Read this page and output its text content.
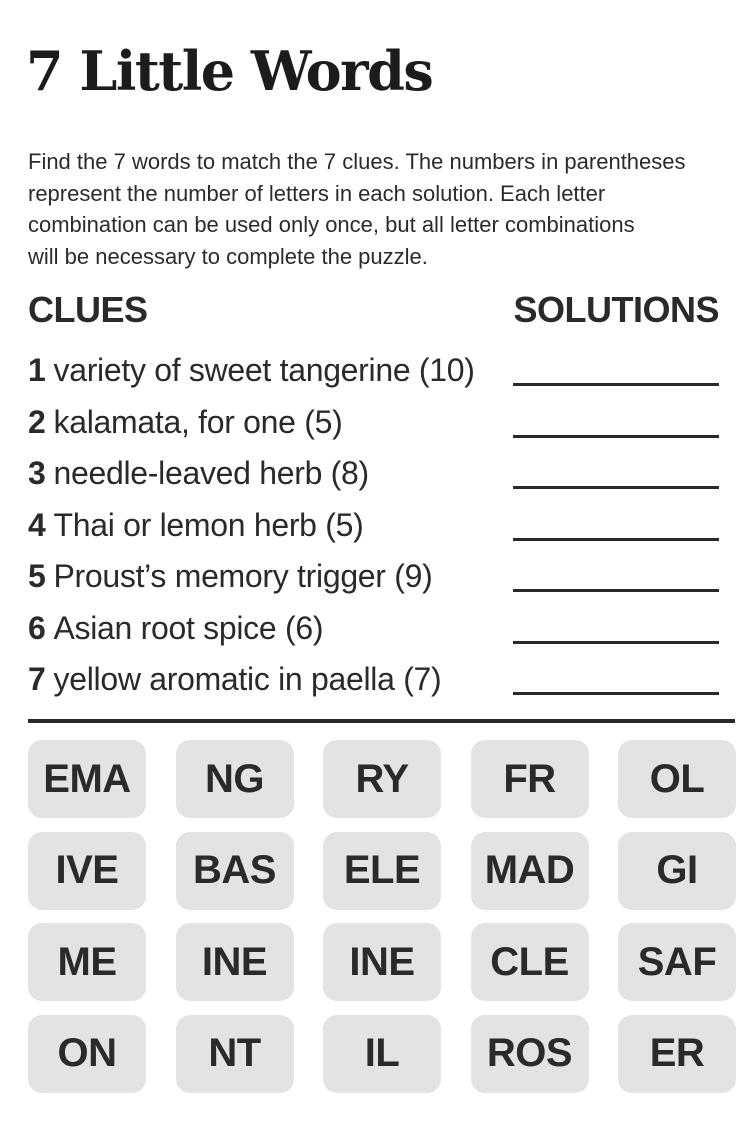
7 Little Words
Find the 7 words to match the 7 clues. The numbers in parentheses
represent the number of letters in each solution. Each letter
combination can be used only once, but all letter combinations
will be necessary to complete the puzzle.
CLUES	SOLUTIONS
1 variety of sweet tangerine (10)
2 kalamata, for one (5)
3 needle-leaved herb (8)
4 Thai or lemon herb (5)
5 Proust’s memory trigger (9)
6 Asian root spice (6)
7 yellow aromatic in paella (7)
EMA	NG	RY	FR	OL
IVE	BAS	ELE	MAD	GI
ME	INE	INE	CLE	SAF
ON	NT	IL	ROS	ER
